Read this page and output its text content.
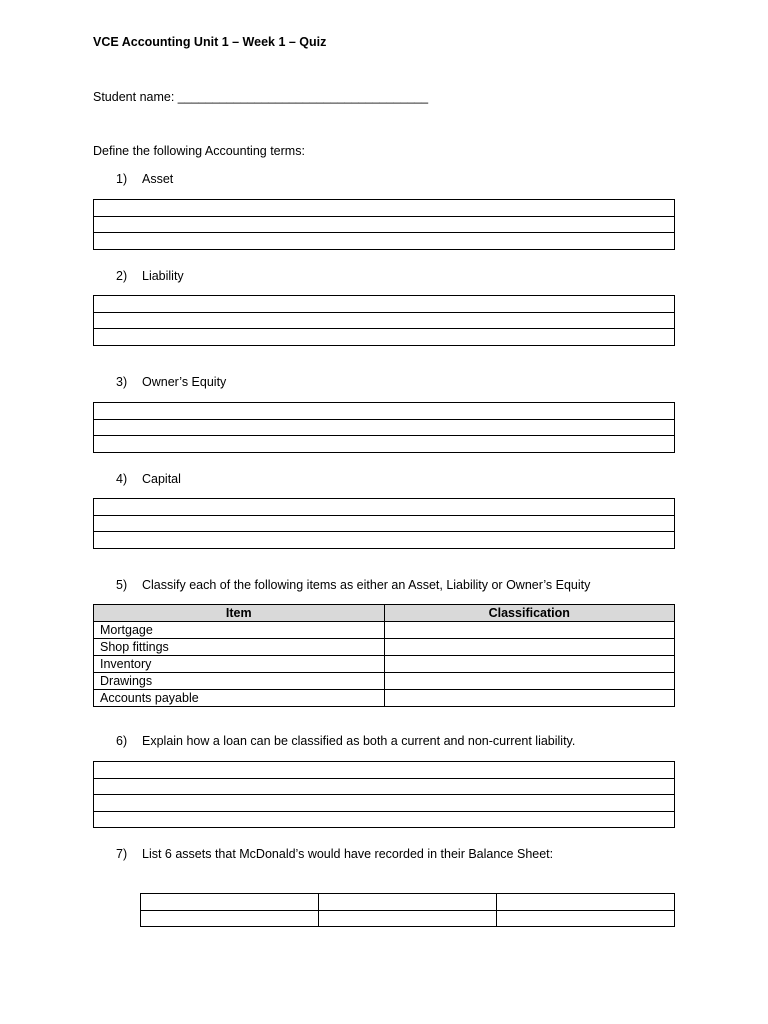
VCE Accounting Unit 1 – Week 1 – Quiz
Student name: ____________________________________
Define the following Accounting terms:
1) Asset

2) Liability

3) Owner’s Equity

4) Capital

5) Classify each of the following items as either an Asset, Liability or Owner’s Equity
Item	Classification
Mortgage	
Shop fittings	
Inventory	
Drawings	
Accounts payable	
6) Explain how a loan can be classified as both a current and non-current liability.

7) List 6 assets that McDonald’s would have recorded in their Balance Sheet:
